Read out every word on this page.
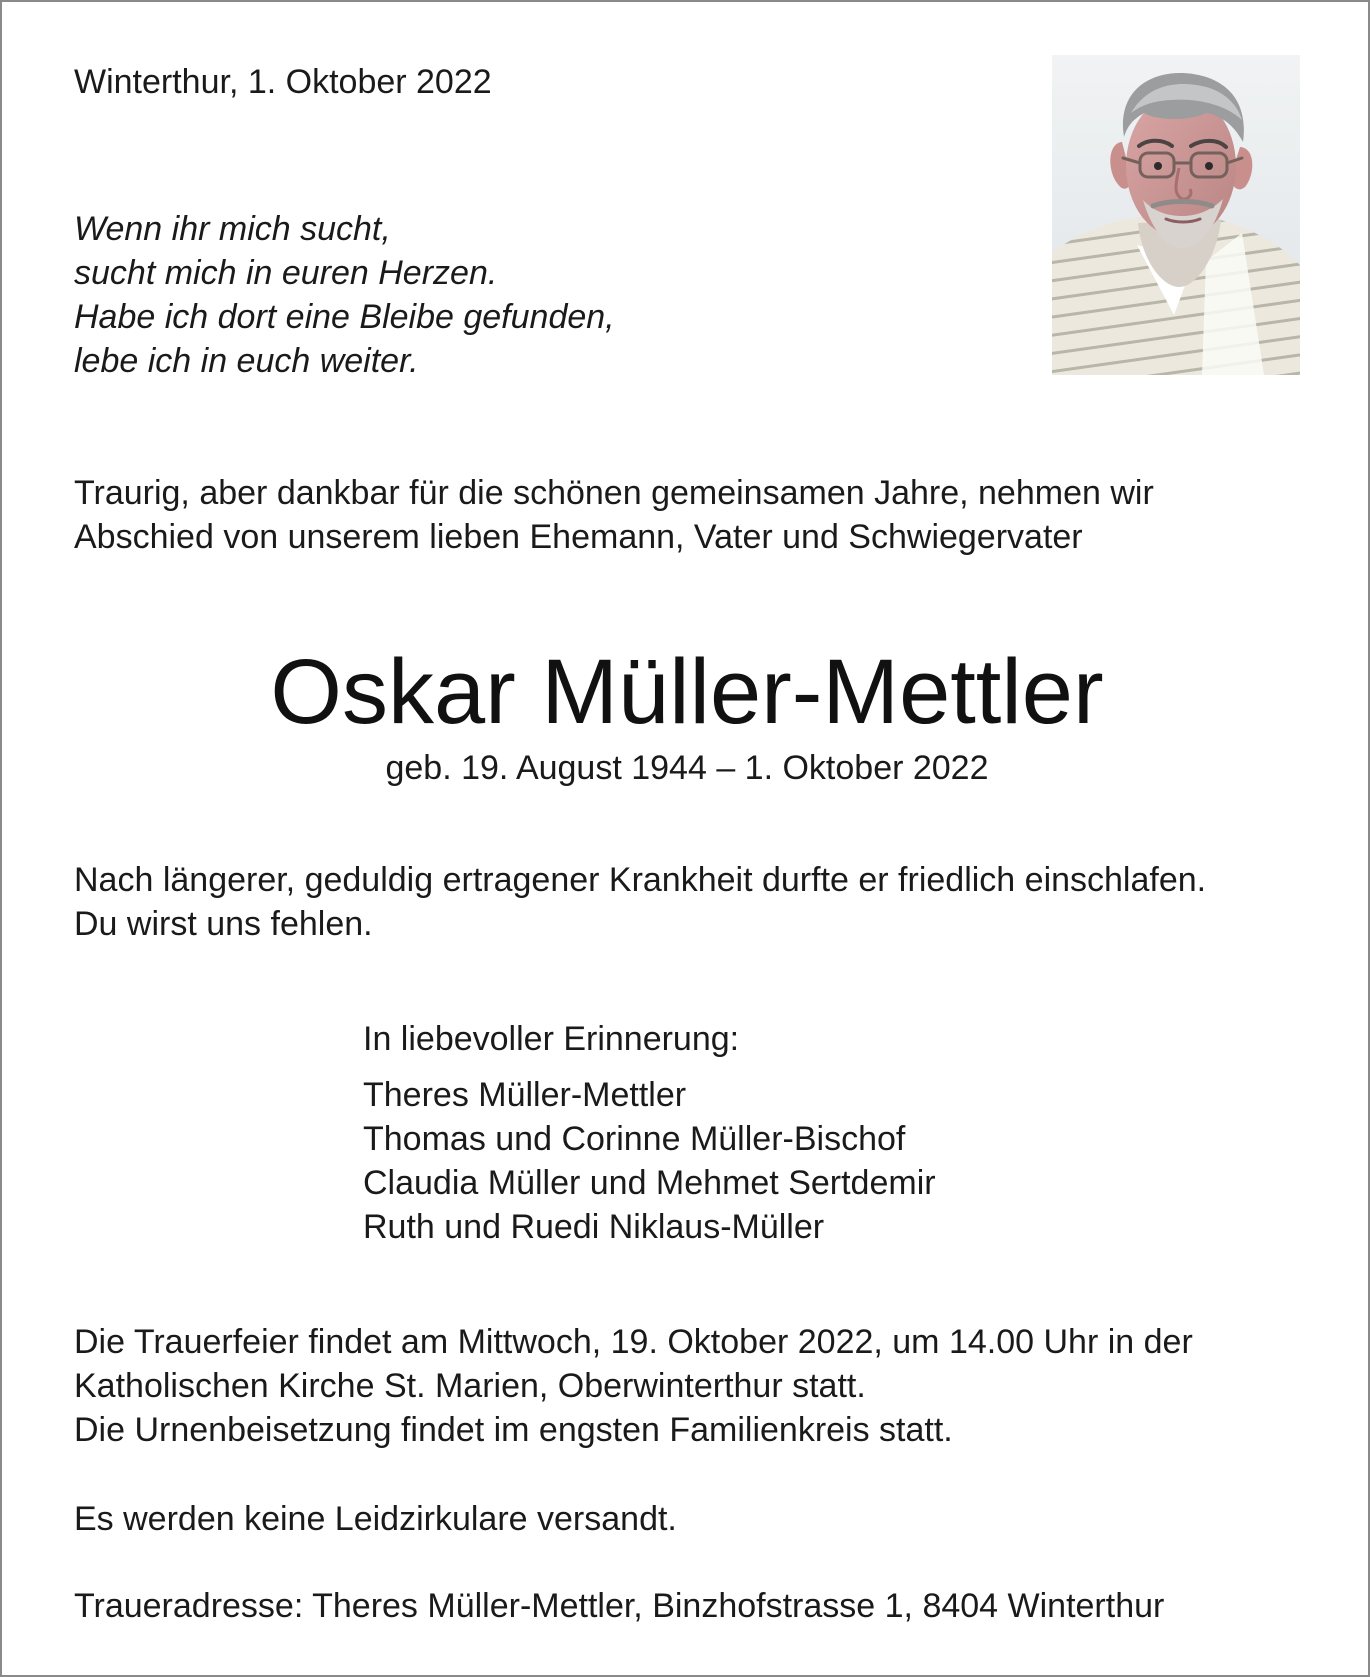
Winterthur, 1. Oktober 2022
Wenn ihr mich sucht,
sucht mich in euren Herzen.
Habe ich dort eine Bleibe gefunden,
lebe ich in euch weiter.
Traurig, aber dankbar für die schönen gemeinsamen Jahre, nehmen wir
Abschied von unserem lieben Ehemann, Vater und Schwiegervater
Oskar Müller-Mettler
geb. 19. August 1944 – 1. Oktober 2022
Nach längerer, geduldig ertragener Krankheit durfte er friedlich einschlafen.
Du wirst uns fehlen.
In liebevoller Erinnerung:
Theres Müller-Mettler
Thomas und Corinne Müller-Bischof
Claudia Müller und Mehmet Sertdemir
Ruth und Ruedi Niklaus-Müller
Die Trauerfeier findet am Mittwoch, 19. Oktober 2022, um 14.00 Uhr in der
Katholischen Kirche St. Marien, Oberwinterthur statt.
Die Urnenbeisetzung findet im engsten Familienkreis statt.
Es werden keine Leidzirkulare versandt.
Traueradresse: Theres Müller-Mettler, Binzhofstrasse 1, 8404 Winterthur
